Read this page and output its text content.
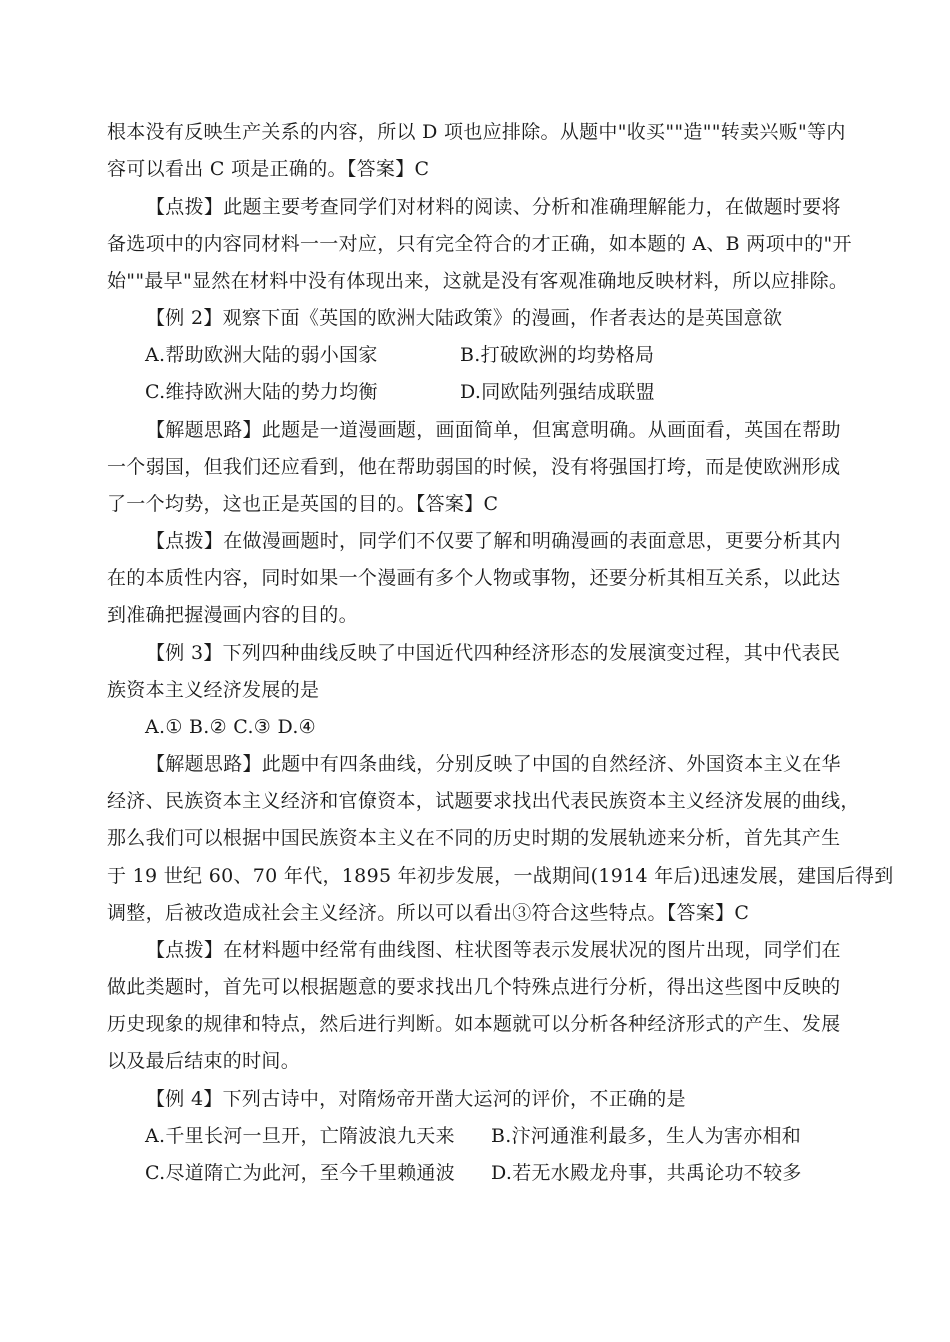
根本没有反映生产关系的内容，所以 D 项也应排除。从题中"收买""造""转卖兴贩"等内
容可以看出 C 项是正确的。【答案】C
【点拨】此题主要考查同学们对材料的阅读、分析和准确理解能力，在做题时要将
备选项中的内容同材料一一对应，只有完全符合的才正确，如本题的 A、B 两项中的"开
始""最早"显然在材料中没有体现出来，这就是没有客观准确地反映材料，所以应排除。
【例 2】观察下面《英国的欧洲大陆政策》的漫画，作者表达的是英国意欲
A.帮助欧洲大陆的弱小国家	B.打破欧洲的均势格局
C.维持欧洲大陆的势力均衡	D.同欧陆列强结成联盟
【解题思路】此题是一道漫画题，画面简单，但寓意明确。从画面看，英国在帮助
一个弱国，但我们还应看到，他在帮助弱国的时候，没有将强国打垮，而是使欧洲形成
了一个均势，这也正是英国的目的。【答案】C
【点拨】在做漫画题时，同学们不仅要了解和明确漫画的表面意思，更要分析其内
在的本质性内容，同时如果一个漫画有多个人物或事物，还要分析其相互关系，以此达
到准确把握漫画内容的目的。
【例 3】下列四种曲线反映了中国近代四种经济形态的发展演变过程，其中代表民
族资本主义经济发展的是
A.① B.② C.③ D.④
【解题思路】此题中有四条曲线，分别反映了中国的自然经济、外国资本主义在华
经济、民族资本主义经济和官僚资本，试题要求找出代表民族资本主义经济发展的曲线，
那么我们可以根据中国民族资本主义在不同的历史时期的发展轨迹来分析，首先其产生
于 19 世纪 60、70 年代，1895 年初步发展，一战期间(1914 年后)迅速发展，建国后得到
调整，后被改造成社会主义经济。所以可以看出③符合这些特点。【答案】C
【点拨】在材料题中经常有曲线图、柱状图等表示发展状况的图片出现，同学们在
做此类题时，首先可以根据题意的要求找出几个特殊点进行分析，得出这些图中反映的
历史现象的规律和特点，然后进行判断。如本题就可以分析各种经济形式的产生、发展
以及最后结束的时间。
【例 4】下列古诗中，对隋炀帝开凿大运河的评价，不正确的是
A.千里长河一旦开，亡隋波浪九天来	B.汴河通淮利最多，生人为害亦相和
C.尽道隋亡为此河，至今千里赖通波	D.若无水殿龙舟事，共禹论功不较多
